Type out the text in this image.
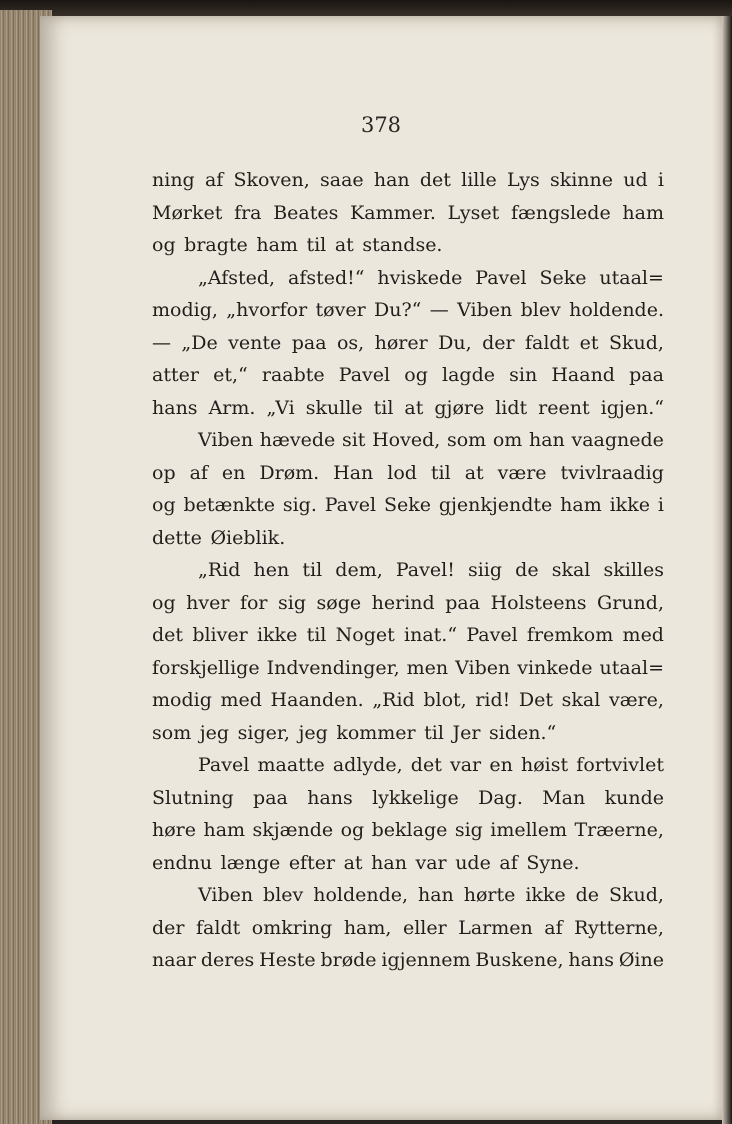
378
ning af Skoven, saae han det lille Lys skinne ud i
Mørket fra Beates Kammer. Lyset fængslede ham
og bragte ham til at standse.
„Afsted, afsted!“ hviskede Pavel Seke utaal=
modig, „hvorfor tøver Du?“ — Viben blev holdende.
— „De vente paa os, hører Du, der faldt et Skud,
atter et,“ raabte Pavel og lagde sin Haand paa
hans Arm. „Vi skulle til at gjøre lidt reent igjen.“
Viben hævede sit Hoved, som om han vaagnede
op af en Drøm. Han lod til at være tvivlraadig
og betænkte sig. Pavel Seke gjenkjendte ham ikke i
dette Øieblik.
„Rid hen til dem, Pavel! siig de skal skilles
og hver for sig søge herind paa Holsteens Grund,
det bliver ikke til Noget inat.“ Pavel fremkom med
forskjellige Indvendinger, men Viben vinkede utaal=
modig med Haanden. „Rid blot, rid! Det skal være,
som jeg siger, jeg kommer til Jer siden.“
Pavel maatte adlyde, det var en høist fortvivlet
Slutning paa hans lykkelige Dag. Man kunde
høre ham skjænde og beklage sig imellem Træerne,
endnu længe efter at han var ude af Syne.
Viben blev holdende, han hørte ikke de Skud,
der faldt omkring ham, eller Larmen af Rytterne,
naar deres Heste brøde igjennem Buskene, hans Øine
